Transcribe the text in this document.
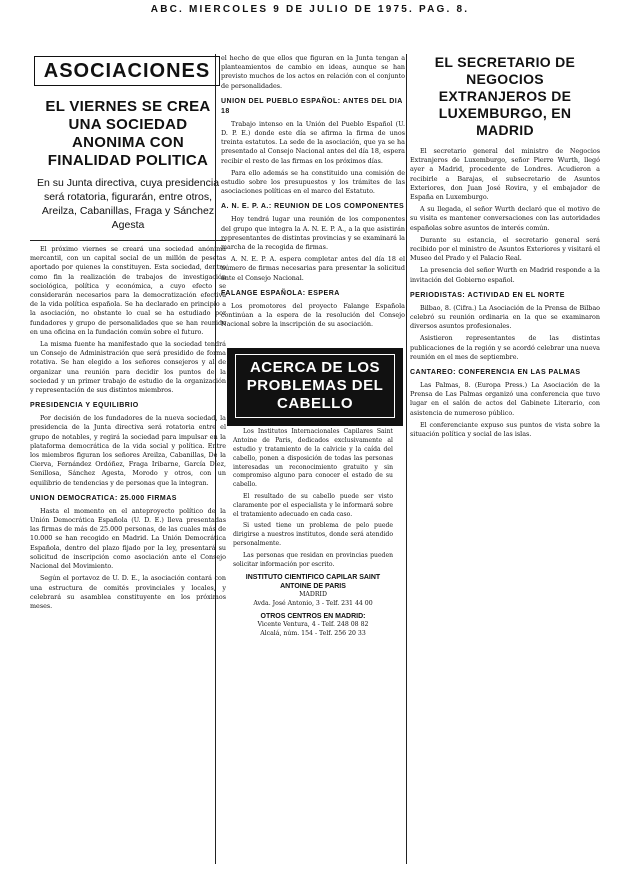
ABC. MIERCOLES 9 DE JULIO DE 1975. PAG. 8.
ASOCIACIONES
EL VIERNES SE CREA UNA SOCIEDAD ANONIMA CON FINALIDAD POLITICA
En su Junta directiva, cuya presidencia será rotatoria, figurarán, entre otros, Areilza, Cabanillas, Fraga y Sánchez Agesta

El próximo viernes se creará una sociedad anónima mercantil, con un capital social de un millón de pesetas aportado por quienes la constituyen. Esta sociedad, dentro como fin la realización de trabajos de investigación sociológica, política y económica, a cuyo efecto se considerarán necesarios para la democratización efectiva de la vida política española. Se ha declarado en principio a la asociación, no obstante lo cual se ha estudiado por fundadores y grupo de personalidades que se han reunido en una oficina en la fundación común sobre el futuro.

La misma fuente ha manifestado que la sociedad tendrá un Consejo de Administración que será presidido de forma rotativa. Se han elegido a los señores consejeros y al de organizar una reunión para decidir los puntos de la sociedad y un primer trabajo de estudio de la organización y representación de sus distintos miembros.

PRESIDENCIA Y EQUILIBRIO

Por decisión de los fundadores de la nueva sociedad, la presidencia de la Junta directiva será rotatoria entre el grupo de notables, y regirá la sociedad para impulsar en la plataforma democrática de la vida social y política. Entre los miembros figuran los señores Areilza, Cabanillas, De la Cierva, Fernández Ordóñez, Fraga Iribarne, García Díez, Senillosa, Sánchez Agesta, Morodo y otros, con un equilibrio de tendencias y de personas que la integran.

UNION DEMOCRATICA: 25.000 FIRMAS

Hasta el momento en el anteproyecto político de la Unión Democrática Española (U. D. E.) lleva presentadas las firmas de más de 25.000 personas, de las cuales más de 10.000 se han recogido en Madrid. La Unión Democrática Española, dentro del plazo fijado por la ley, presentará su solicitud de inscripción como asociación ante el Consejo Nacional del Movimiento.

Según el portavoz de U. D. E., la asociación contará con una estructura de comités provinciales y locales, y celebrará su asamblea constituyente en los próximos meses.

el hecho de que ellos que figuran en la Junta tengan a planteamientos de cambio en ideas, aunque se han previsto muchos de los actos en relación con el conjunto de personalidades.

UNION DEL PUEBLO ESPAÑOL: ANTES DEL DIA 18

Trabajo intenso en la Unión del Pueblo Español (U. D. P. E.) donde este día se afirma la firma de unos treinta estatutos. La sede de la asociación, que ya se ha presentado al Consejo Nacional antes del día 18, espera recibir el resto de las firmas en los próximos días.

Para ello además se ha constituido una comisión de estudio sobre los presupuestos y los trámites de las asociaciones políticas en el marco del Estatuto.

A. N. E. P. A.: REUNION DE LOS COMPONENTES

Hoy tendrá lugar una reunión de los componentes del grupo que integra la A. N. E. P. A., a la que asistirán representantes de distintas provincias y se examinará la marcha de la recogida de firmas.

A. N. E. P. A. espera completar antes del día 18 el número de firmas necesarias para presentar la solicitud ante el Consejo Nacional.

FALANGE ESPAÑOLA: ESPERA

Los promotores del proyecto Falange Española continúan a la espera de la resolución del Consejo Nacional sobre la inscripción de su asociación.

ACERCA DE LOS PROBLEMAS DEL CABELLO

Los Institutos Internacionales Capilares Saint Antoine de Paris, dedicados exclusivamente al estudio y tratamiento de la calvicie y la caída del cabello, ponen a disposición de todas las personas interesadas un reconocimiento gratuito y sin compromiso alguno para conocer el estado de su cabello.

El resultado de su cabello puede ser visto claramente por el especialista y le informará sobre el tratamiento adecuado en cada caso.

Si usted tiene un problema de pelo puede dirigirse a nuestros institutos, donde será atendido personalmente.

Las personas que residan en provincias pueden solicitar información por escrito.

INSTITUTO CIENTIFICO CAPILAR SAINT ANTOINE DE PARIS
MADRID
Avda. José Antonio, 3 - Telf. 231 44 00
OTROS CENTROS EN MADRID:
Vicente Ventura, 4 - Telf. 248 08 82
Alcalá, núm. 154 - Telf. 256 20 33
EL SECRETARIO DE NEGOCIOS EXTRANJEROS DE LUXEMBURGO, EN MADRID

El secretario general del ministro de Negocios Extranjeros de Luxemburgo, señor Pierre Wurth, llegó ayer a Madrid, procedente de Londres. Acudieron a recibirle a Barajas, el subsecretario de Asuntos Exteriores, don Juan José Rovira, y el embajador de España en Luxemburgo.

A su llegada, el señor Wurth declaró que el motivo de su visita es mantener conversaciones con las autoridades españolas sobre asuntos de interés común.

Durante su estancia, el secretario general será recibido por el ministro de Asuntos Exteriores y visitará el Museo del Prado y el Palacio Real.

La presencia del señor Wurth en Madrid responde a la invitación del Gobierno español.

PERIODISTAS: ACTIVIDAD EN EL NORTE

Bilbao, 8. (Cifra.) La Asociación de la Prensa de Bilbao celebró su reunión ordinaria en la que se examinaron diversos asuntos profesionales.

Asistieron representantes de las distintas publicaciones de la región y se acordó celebrar una nueva reunión en el mes de septiembre.

CANTAREO: CONFERENCIA EN LAS PALMAS

Las Palmas, 8. (Europa Press.) La Asociación de la Prensa de Las Palmas organizó una conferencia que tuvo lugar en el salón de actos del Gabinete Literario, con asistencia de numeroso público.

El conferenciante expuso sus puntos de vista sobre la situación política y social de las islas.
